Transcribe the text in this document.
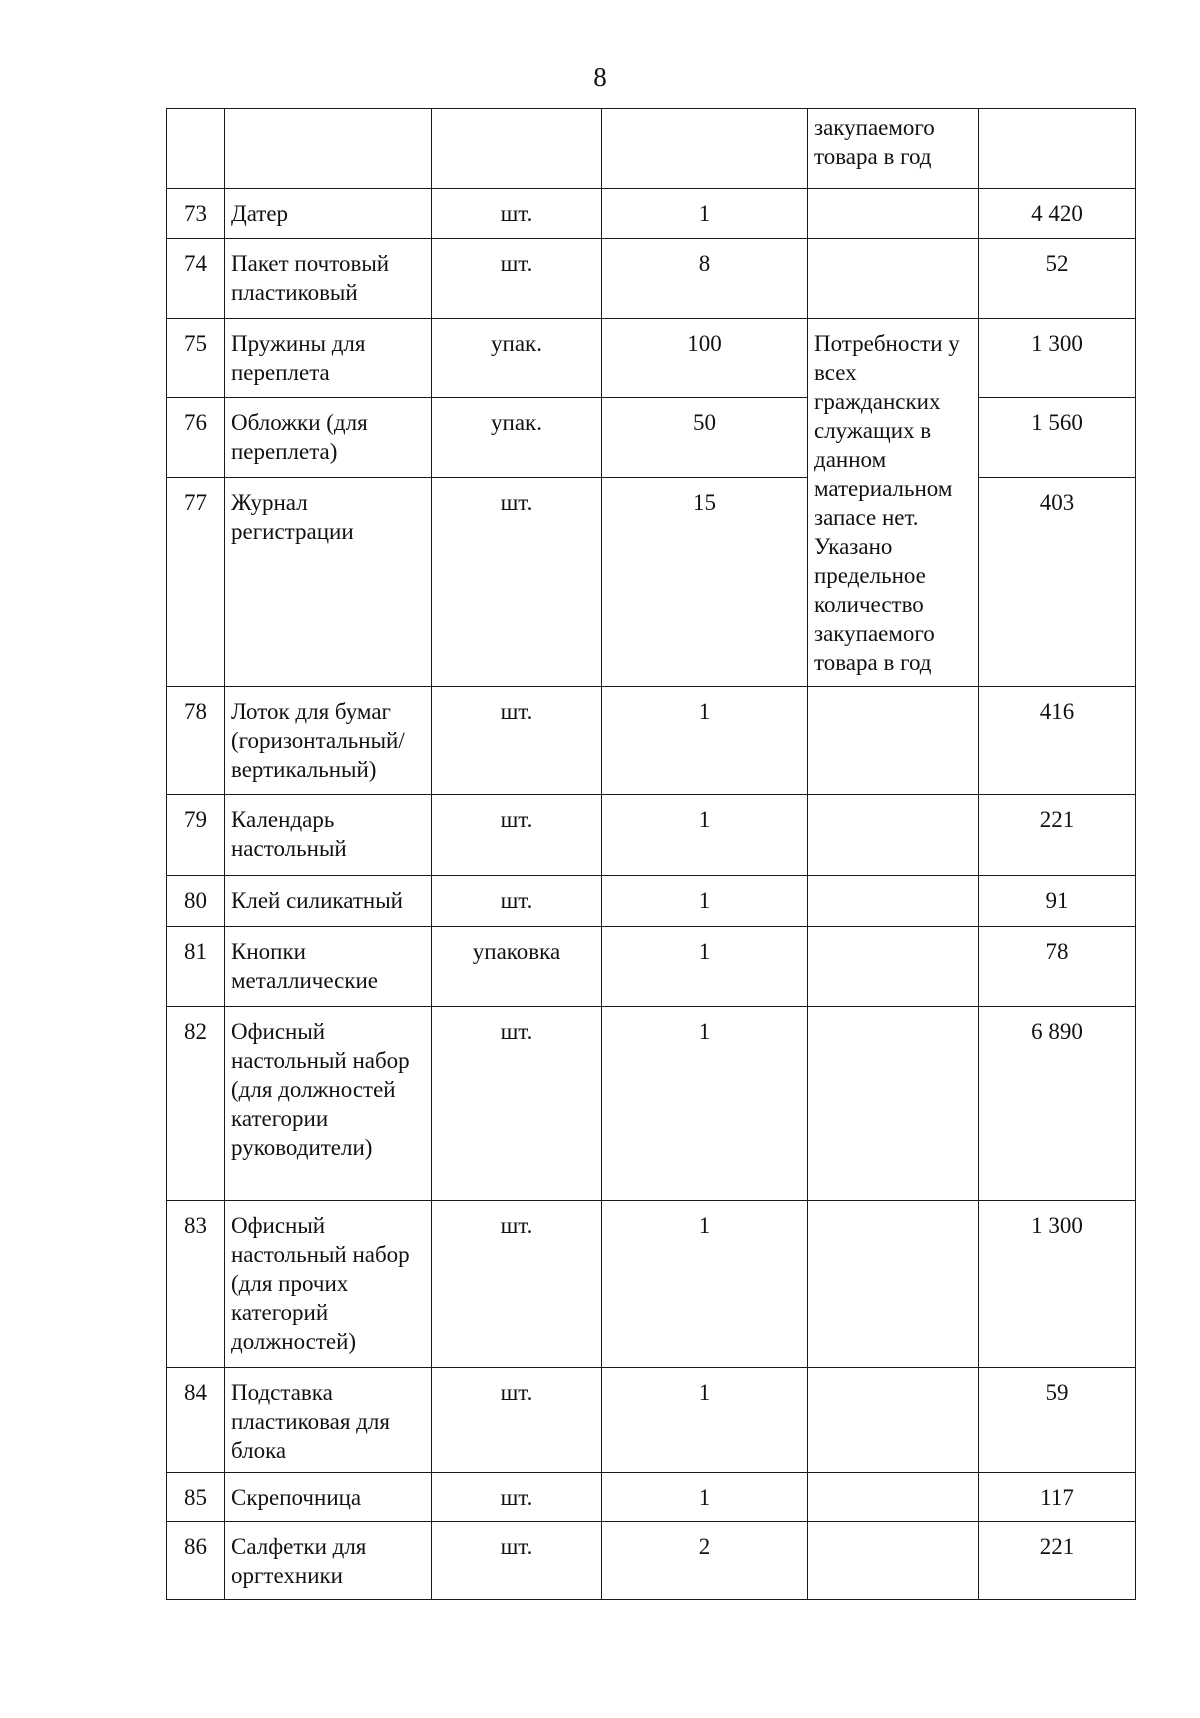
8
				закупаемого товара в год	
73	Датер	шт.	1		4 420
74	Пакет почтовый пластиковый	шт.	8		52
75	Пружины для переплета	упак.	100	Потребности у всех гражданских служащих в данном материальном запасе нет. Указано предельное количество закупаемого товара в год	1 300
76	Обложки (для переплета)	упак.	50		1 560
77	Журнал регистрации	шт.	15		403
78	Лоток для бумаг (горизонтальный/ вертикальный)	шт.	1		416
79	Календарь настольный	шт.	1		221
80	Клей силикатный	шт.	1		91
81	Кнопки металлические	упаковка	1		78
82	Офисный настольный набор (для должностей категории руководители)	шт.	1		6 890
83	Офисный настольный набор (для прочих категорий должностей)	шт.	1		1 300
84	Подставка пластиковая для блока	шт.	1		59
85	Скрепочница	шт.	1		117
86	Салфетки для оргтехники	шт.	2		221
